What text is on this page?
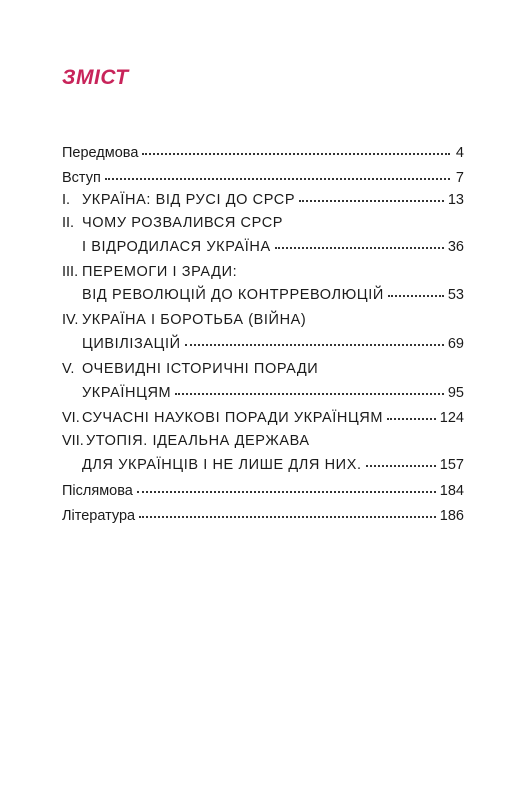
ЗМІСТ
Передмова	4
Вступ	7
I. УКРАЇНА: ВІД РУСІ ДО СРСР	13
II. ЧОМУ РОЗВАЛИВСЯ СРСР
І ВІДРОДИЛАСЯ УКРАЇНА	36
III. ПЕРЕМОГИ І ЗРАДИ:
ВІД РЕВОЛЮЦІЙ ДО КОНТРРЕВОЛЮЦІЙ	53
IV. УКРАЇНА І БОРОТЬБА (ВІЙНА)
ЦИВІЛІЗАЦІЙ	69
V. ОЧЕВИДНІ ІСТОРИЧНІ ПОРАДИ
УКРАЇНЦЯМ	95
VI. СУЧАСНІ НАУКОВІ ПОРАДИ УКРАЇНЦЯМ	124
VII. УТОПІЯ. ІДЕАЛЬНА ДЕРЖАВА
ДЛЯ УКРАЇНЦІВ І НЕ ЛИШЕ ДЛЯ НИХ.	157
Післямова	184
Література	186
